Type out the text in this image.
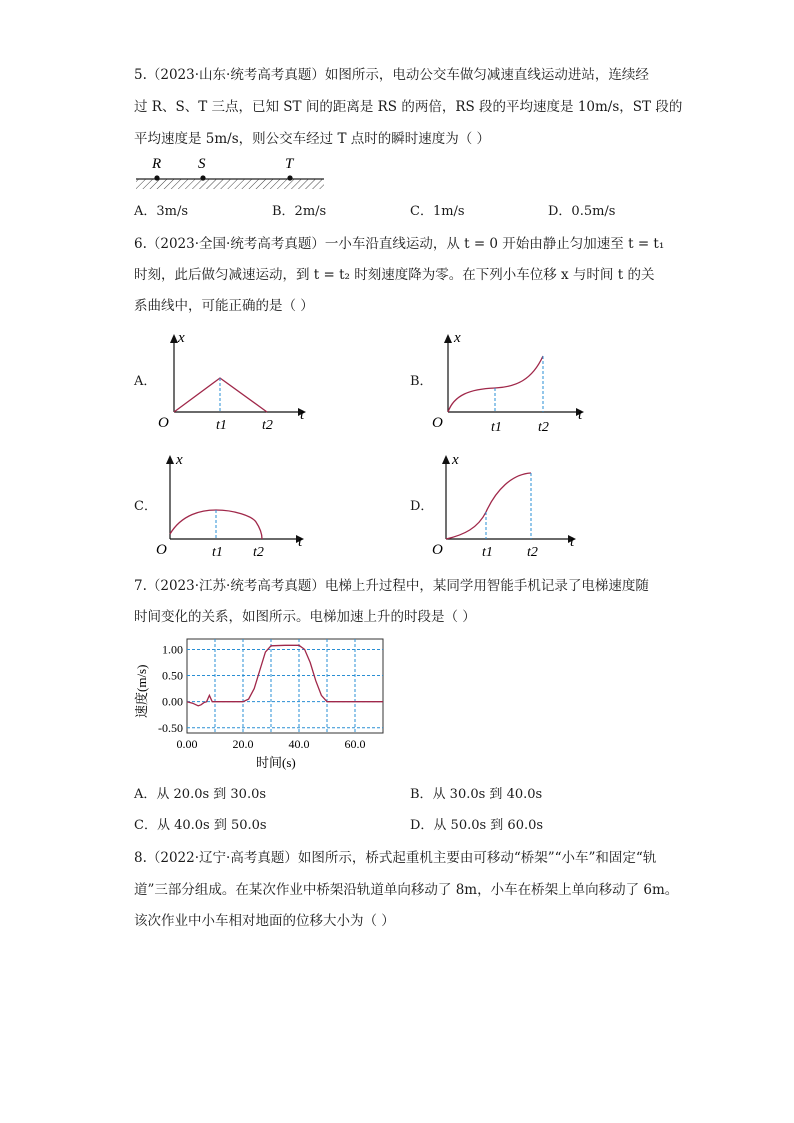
5.（2023·山东·统考高考真题）如图所示，电动公交车做匀减速直线运动进站，连续经
过 R、S、T 三点，已知 ST 间的距离是 RS 的两倍，RS 段的平均速度是 10m/s，ST 段的
平均速度是 5m/s，则公交车经过 T 点时的瞬时速度为（ ）
R S	T
A．3m/s	B．2m/s	C．1m/s	D．0.5m/s
6.（2023·全国·统考高考真题）一小车沿直线运动，从 t = 0 开始由静止匀加速至 t = t₁
时刻，此后做匀减速运动，到 t = t₂ 时刻速度降为零。在下列小车位移 x 与时间 t 的关
系曲线中，可能正确的是（ ）
A．
x
t
O	t1	t2
B．
x
t
O	t1	t2
C．
x
t
O	t1 t2
D．
x
t
O	t1 t2
7.（2023·江苏·统考高考真题）电梯上升过程中，某同学用智能手机记录了电梯速度随
时间变化的关系，如图所示。电梯加速上升的时段是（ ）
1.00
0.50
0.00
-0.50
0.00	20.0	40.0	60.0
时间(s)
速度(m/s)
A．从 20.0s 到 30.0s	B．从 30.0s 到 40.0s
C．从 40.0s 到 50.0s	D．从 50.0s 到 60.0s
8.（2022·辽宁·高考真题）如图所示，桥式起重机主要由可移动“桥架”“小车”和固定“轨
道”三部分组成。在某次作业中桥架沿轨道单向移动了 8m，小车在桥架上单向移动了 6m。
该次作业中小车相对地面的位移大小为（ ）
